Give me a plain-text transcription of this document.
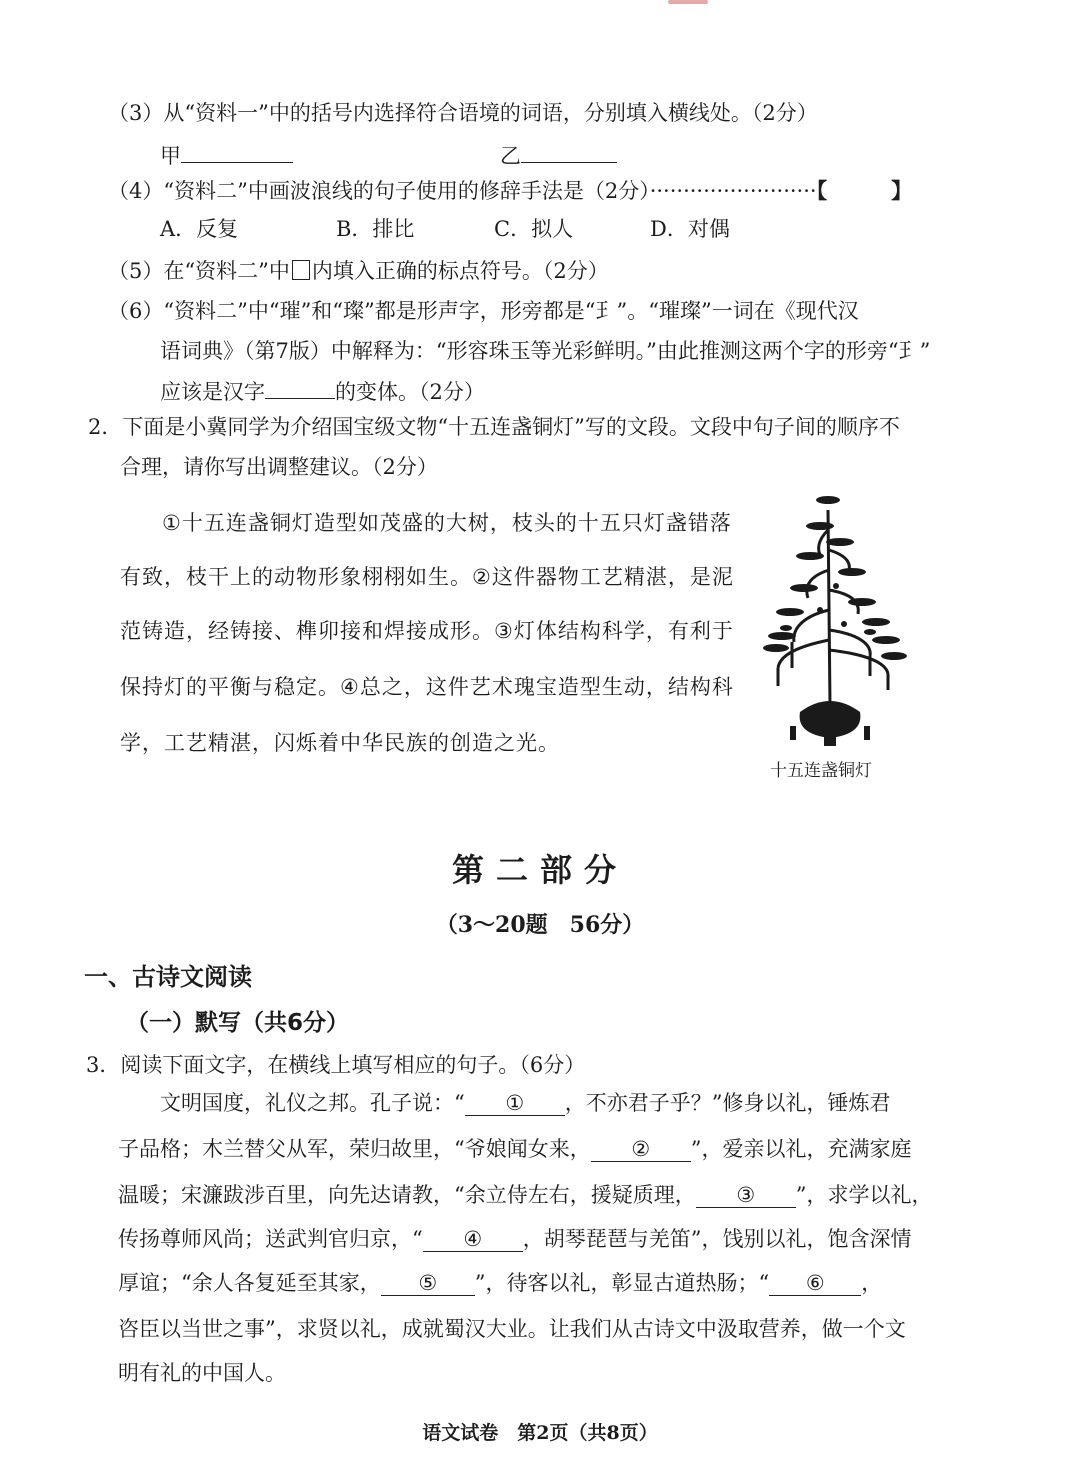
（3）从“资料一”中的括号内选择符合语境的词语，分别填入横线处。（2分）
甲	乙
（4）“资料二”中画波浪线的句子使用的修辞手法是（2分）·························【	】
A．反复	B．排比	C．拟人	D．对偶
（5）在“资料二”中 内填入正确的标点符号。（2分）
（6）“资料二”中“璀”和“璨”都是形声字，形旁都是“⺩”。“璀璨”一词在《现代汉
语词典》（第7版）中解释为：“形容珠玉等光彩鲜明。”由此推测这两个字的形旁“⺩”
应该是汉字	的变体。（2分）
2．下面是小冀同学为介绍国宝级文物“十五连盏铜灯”写的文段。文段中句子间的顺序不
合理，请你写出调整建议。（2分）
①十五连盏铜灯造型如茂盛的大树，枝头的十五只灯盏错落
有致，枝干上的动物形象栩栩如生。②这件器物工艺精湛，是泥
范铸造，经铸接、榫卯接和焊接成形。③灯体结构科学，有利于
保持灯的平衡与稳定。④总之，这件艺术瑰宝造型生动，结构科
学，工艺精湛，闪烁着中华民族的创造之光。
十五连盏铜灯
第二部分
（3～20题　56分）
一、古诗文阅读
（一）默写（共6分）
3．阅读下面文字，在横线上填写相应的句子。（6分）
文明国度，礼仪之邦。孔子说：“ ① ，不亦君子乎？”修身以礼，锤炼君
子品格；木兰替父从军，荣归故里，“爷娘闻女来， ② ”，爱亲以礼，充满家庭
温暖；宋濂跋涉百里，向先达请教，“余立侍左右，援疑质理， ③ ”，求学以礼，
传扬尊师风尚；送武判官归京，“ ④ ，胡琴琵琶与羌笛”，饯别以礼，饱含深情
厚谊；“余人各复延至其家， ⑤ ”，待客以礼，彰显古道热肠；“ ⑥ ，
咨臣以当世之事”，求贤以礼，成就蜀汉大业。让我们从古诗文中汲取营养，做一个文
明有礼的中国人。
语文试卷　第2页（共8页）
